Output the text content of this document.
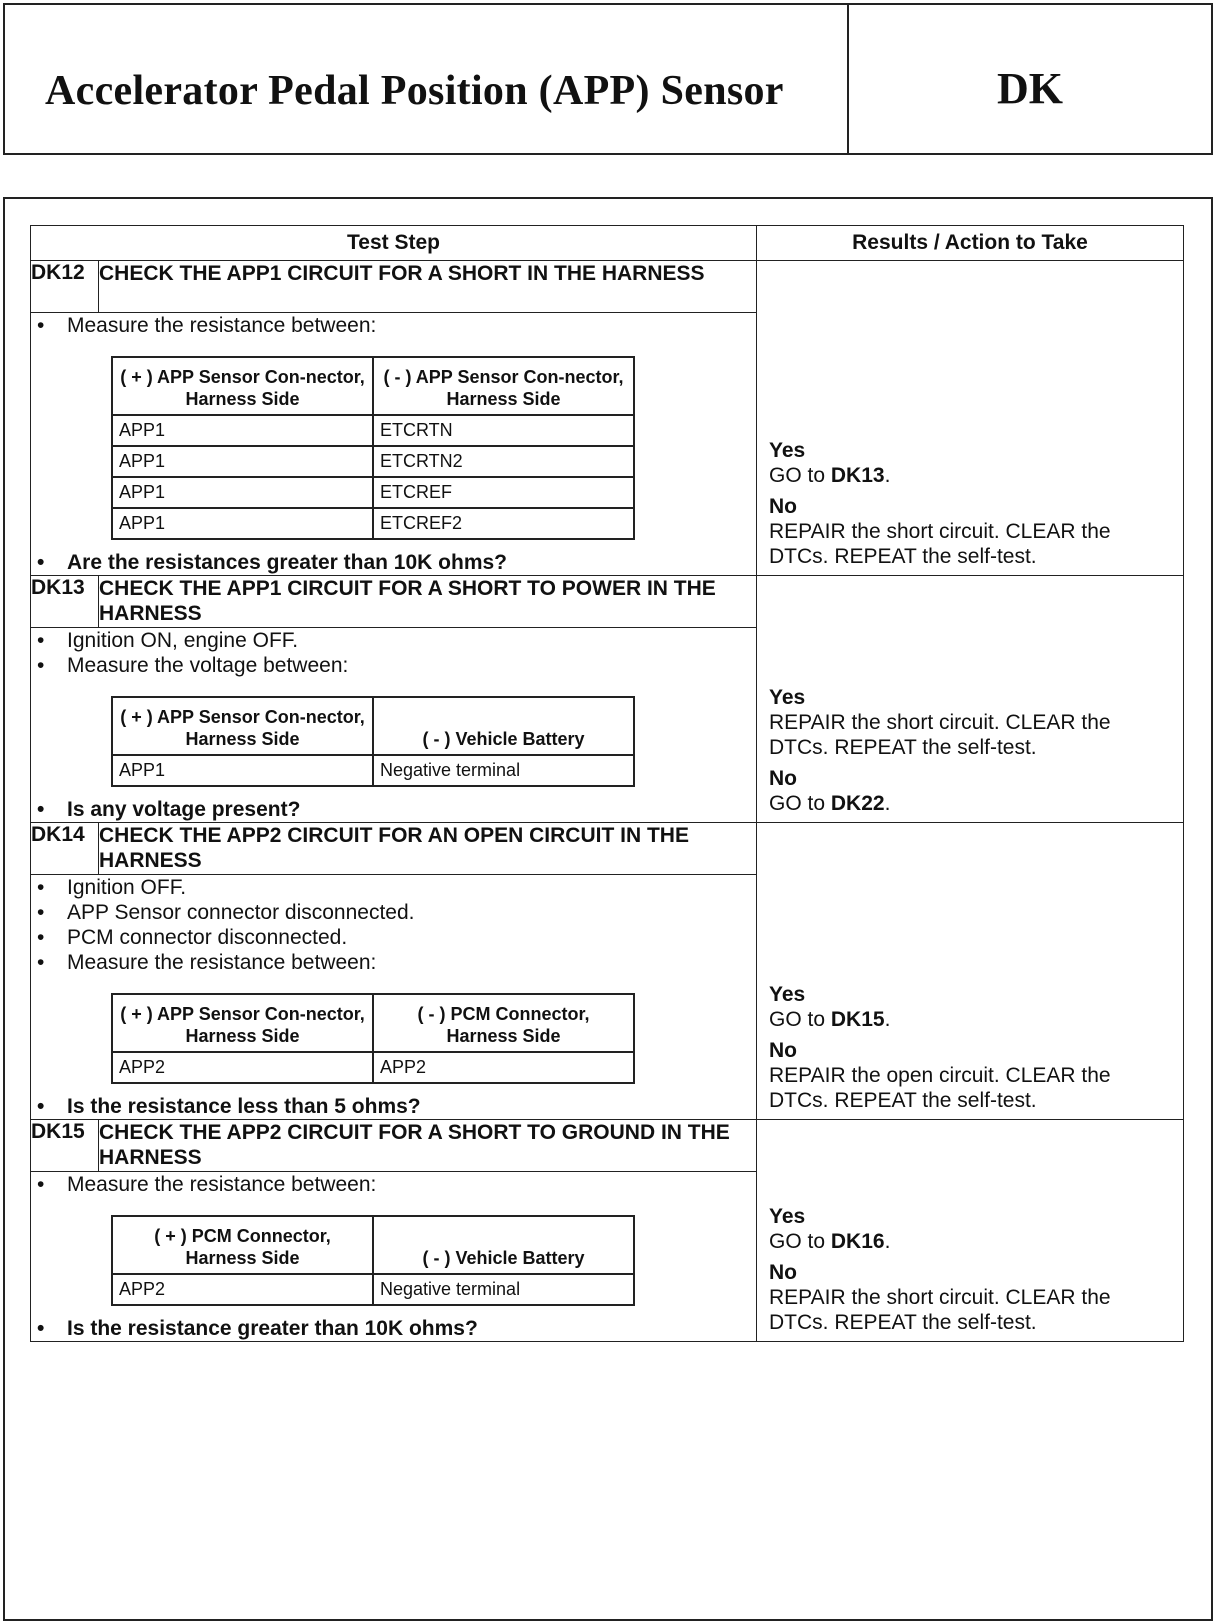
Accelerator Pedal Position (APP) Sensor	DK
Test Step	Results / Action to Take
DK12	CHECK THE APP1 CIRCUIT FOR A SHORT IN THE HARNESS	
Yes
GO to DK13.
No
REPAIR the short circuit. CLEAR the DTCs. REPEAT the self-test.

• Measure the resistance between:
( + ) APP Sensor Con-nector, Harness Side	( - ) APP Sensor Con-nector, Harness Side
APP1	ETCRTN
APP1	ETCRTN2
APP1	ETCREF
APP1	ETCREF2
• Are the resistances greater than 10K ohms?

DK13	CHECK THE APP1 CIRCUIT FOR A SHORT TO POWER IN THE HARNESS	
Yes
REPAIR the short circuit. CLEAR the DTCs. REPEAT the self-test.
No
GO to DK22.

• Ignition ON, engine OFF.
• Measure the voltage between:
( + ) APP Sensor Con-nector, Harness Side	( - ) Vehicle Battery
APP1	Negative terminal
• Is any voltage present?

DK14	CHECK THE APP2 CIRCUIT FOR AN OPEN CIRCUIT IN THE HARNESS	
Yes
GO to DK15.
No
REPAIR the open circuit. CLEAR the DTCs. REPEAT the self-test.

• Ignition OFF.
• APP Sensor connector disconnected.
• PCM connector disconnected.
• Measure the resistance between:
( + ) APP Sensor Con-nector, Harness Side	( - ) PCM Connector, Harness Side
APP2	APP2
• Is the resistance less than 5 ohms?

DK15	CHECK THE APP2 CIRCUIT FOR A SHORT TO GROUND IN THE HARNESS	
Yes
GO to DK16.
No
REPAIR the short circuit. CLEAR the DTCs. REPEAT the self-test.

• Measure the resistance between:
( + ) PCM Connector, Harness Side	( - ) Vehicle Battery
APP2	Negative terminal
• Is the resistance greater than 10K ohms?
